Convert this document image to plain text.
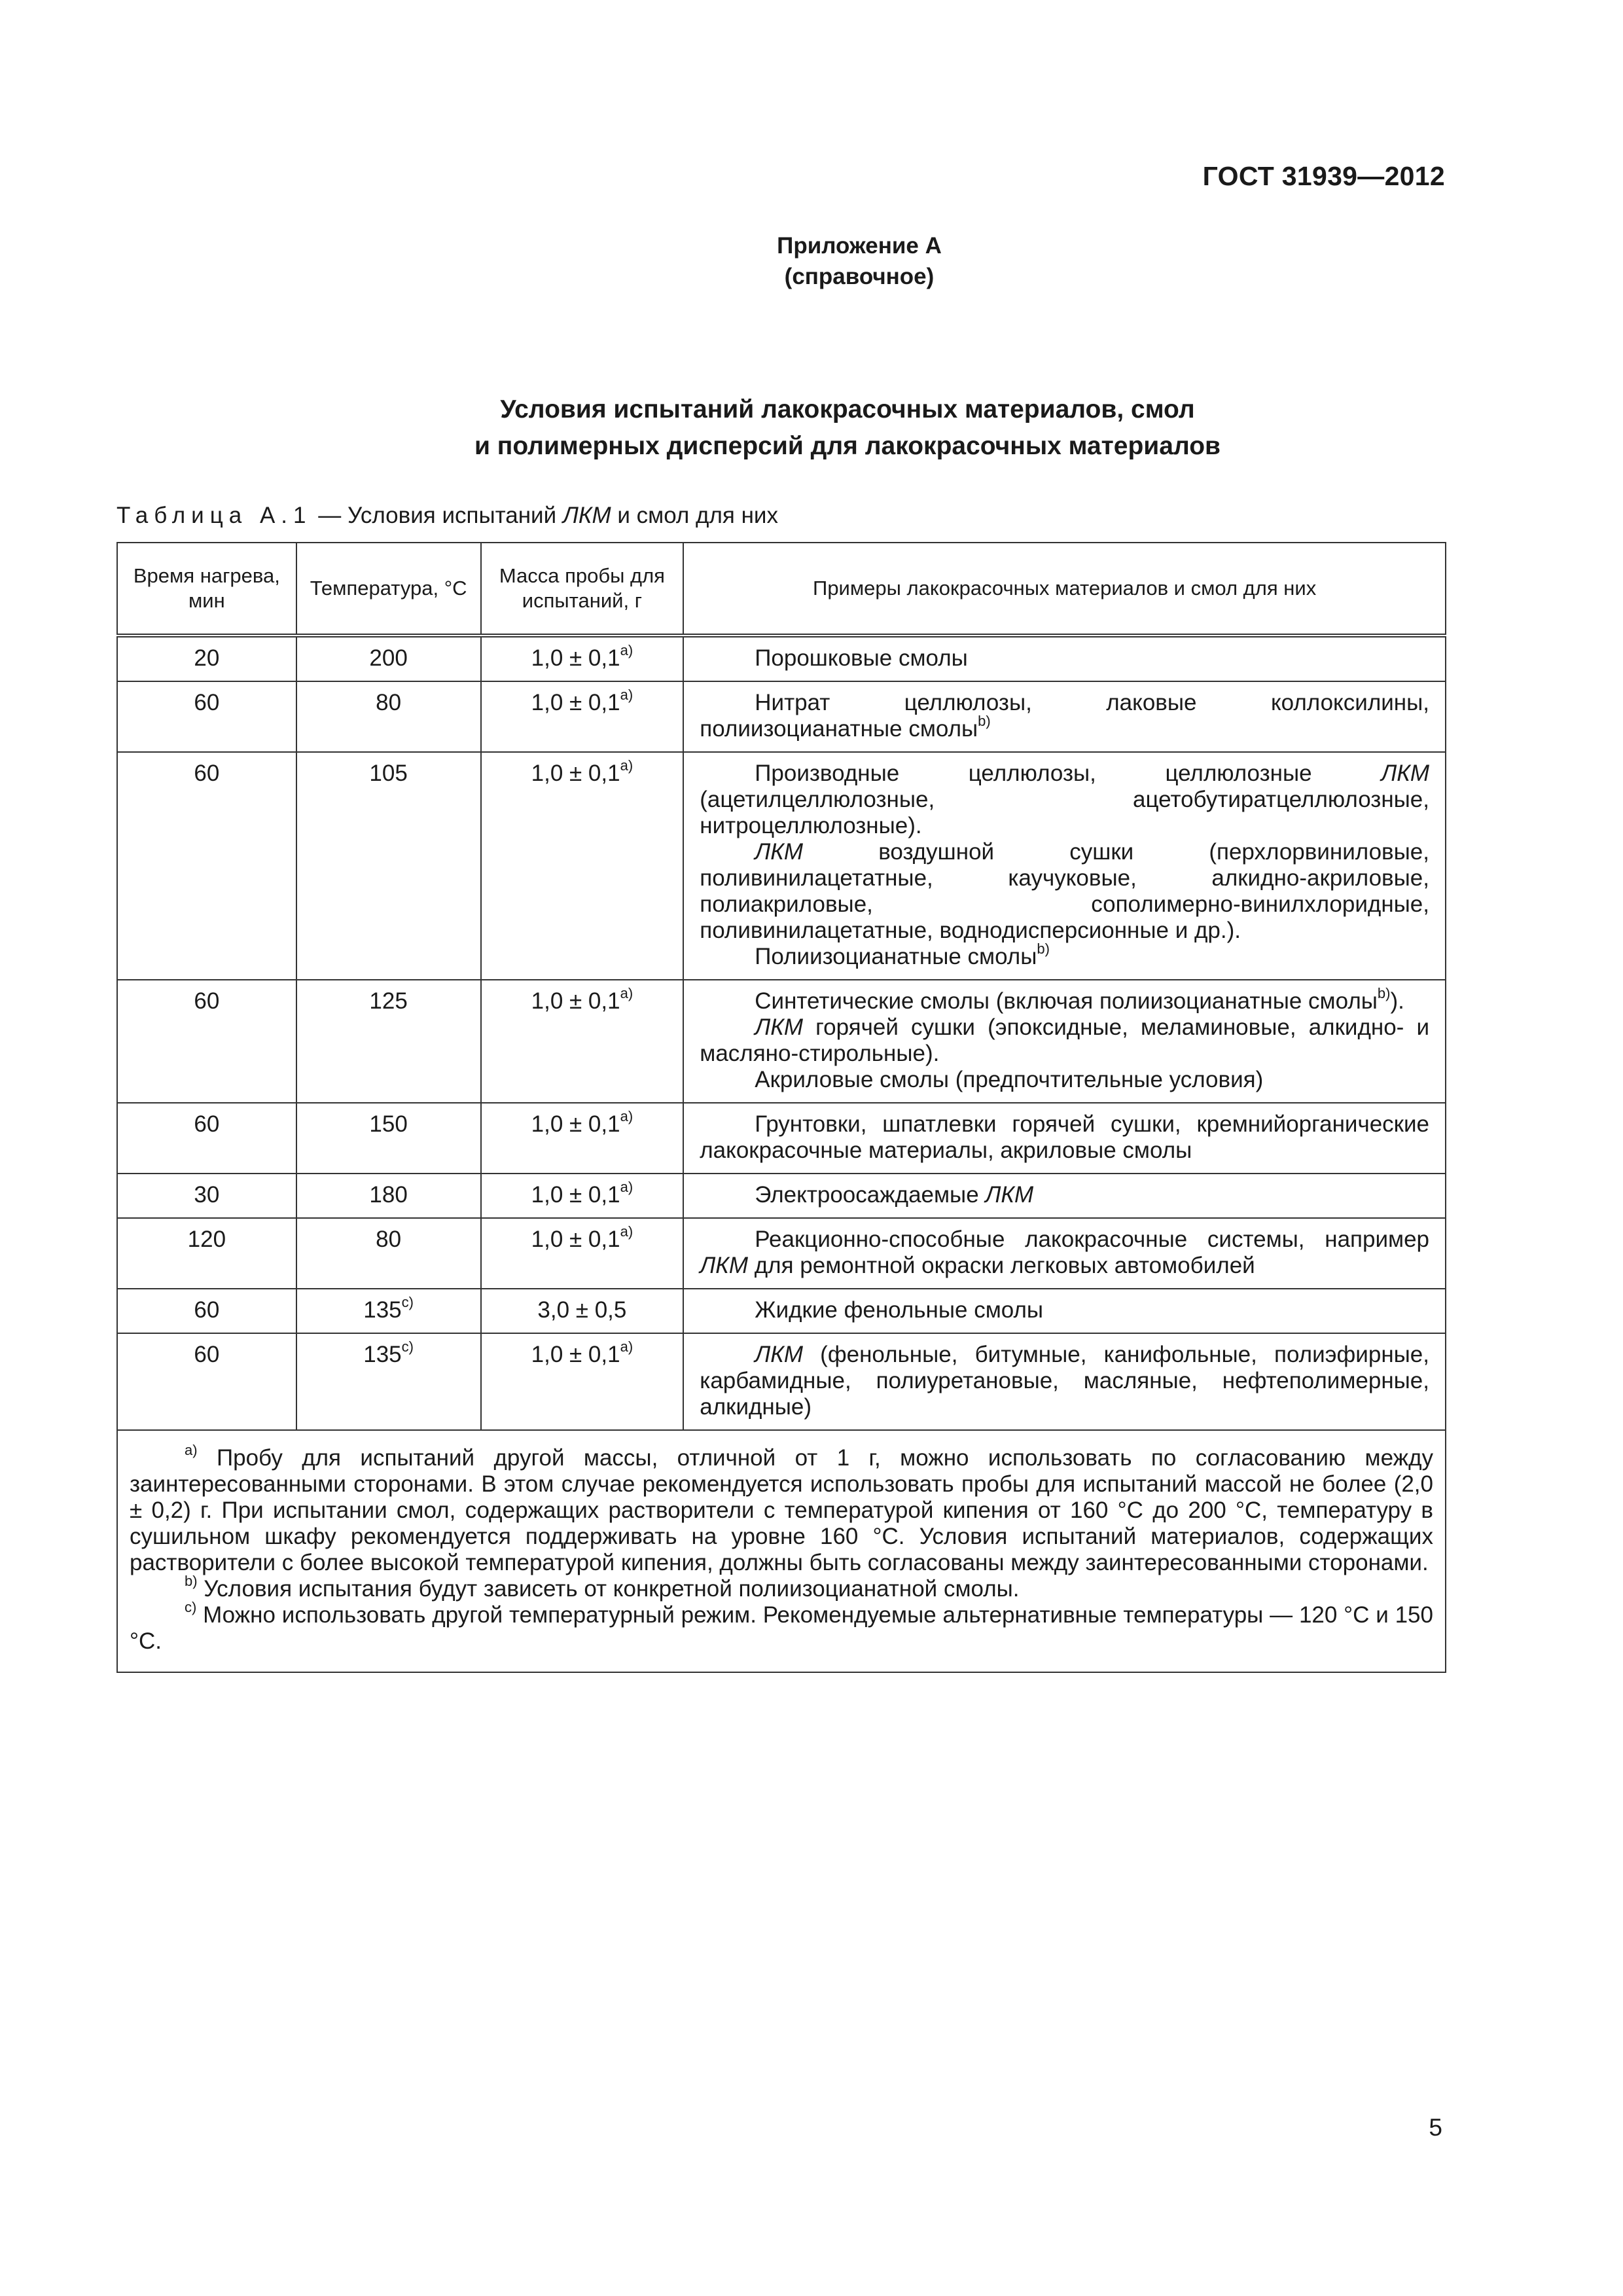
ГОСТ 31939—2012
Приложение А
(справочное)
Условия испытаний лакокрасочных материалов, смол
и полимерных дисперсий для лакокрасочных материалов
Таблица А.1 — Условия испытаний ЛКМ и смол для них
Время нагрева, мин	Температура, °С	Масса пробы для испытаний, г	Примеры лакокрасочных материалов и смол для них
20	200	$1,0 \pm 0,1^{а)}$	Порошковые смолы

60	80	$1,0 \pm 0,1^{а)}$	Нитрат целлюлозы, лаковые коллоксилины, полиизоцианатные смолы$^{b)}$

60	105	$1,0 \pm 0,1^{а)}$	Производные целлюлозы, целлюлозные ЛКМ (ацетилцеллюлозные, ацетобутиратцеллюлозные, нитроцеллюлозные).
ЛКМ воздушной сушки (перхлорвиниловые, поливинилацетатные, каучуковые, алкидно-акриловые, полиакриловые, сополимерно-винилхлоридные, поливинилацетатные, воднодисперсионные и др.).
Полиизоцианатные смолы$^{b)}$

60	125	$1,0 \pm 0,1^{а)}$	Синтетические смолы (включая полиизоцианатные смолы$^{b)}$).
ЛКМ горячей сушки (эпоксидные, меламиновые, алкидно- и масляно-стирольные).
Акриловые смолы (предпочтительные условия)

60	150	$1,0 \pm 0,1^{а)}$	Грунтовки, шпатлевки горячей сушки, кремнийорганические лакокрасочные материалы, акриловые смолы

30	180	$1,0 \pm 0,1^{а)}$	Электроосаждаемые ЛКМ

120	80	$1,0 \pm 0,1^{а)}$	Реакционно-способные лакокрасочные системы, например ЛКМ для ремонтной окраски легковых автомобилей

60	$135^{с)}$	3,0 ± 0,5	Жидкие фенольные смолы

60	$135^{с)}$	$1,0 \pm 0,1^{а)}$	ЛКМ (фенольные, битумные, канифольные, полиэфирные, карбамидные, полиуретановые, масляные, нефтеполимерные, алкидные)

$^{а)}$ Пробу для испытаний другой массы, отличной от 1 г, можно использовать по согласованию между заинтересованными сторонами. В этом случае рекомендуется использовать пробы для испытаний массой не более (2,0 ± 0,2) г. При испытании смол, содержащих растворители с температурой кипения от 160 °С до 200 °С, температуру в сушильном шкафу рекомендуется поддерживать на уровне 160 °С. Условия испытаний материалов, содержащих растворители с более высокой температурой кипения, должны быть согласованы между заинтересованными сторонами.
$^{b)}$ Условия испытания будут зависеть от конкретной полиизоцианатной смолы.
$^{с)}$ Можно использовать другой температурный режим. Рекомендуемые альтернативные температуры — 120 °С и 150 °С.			
5
